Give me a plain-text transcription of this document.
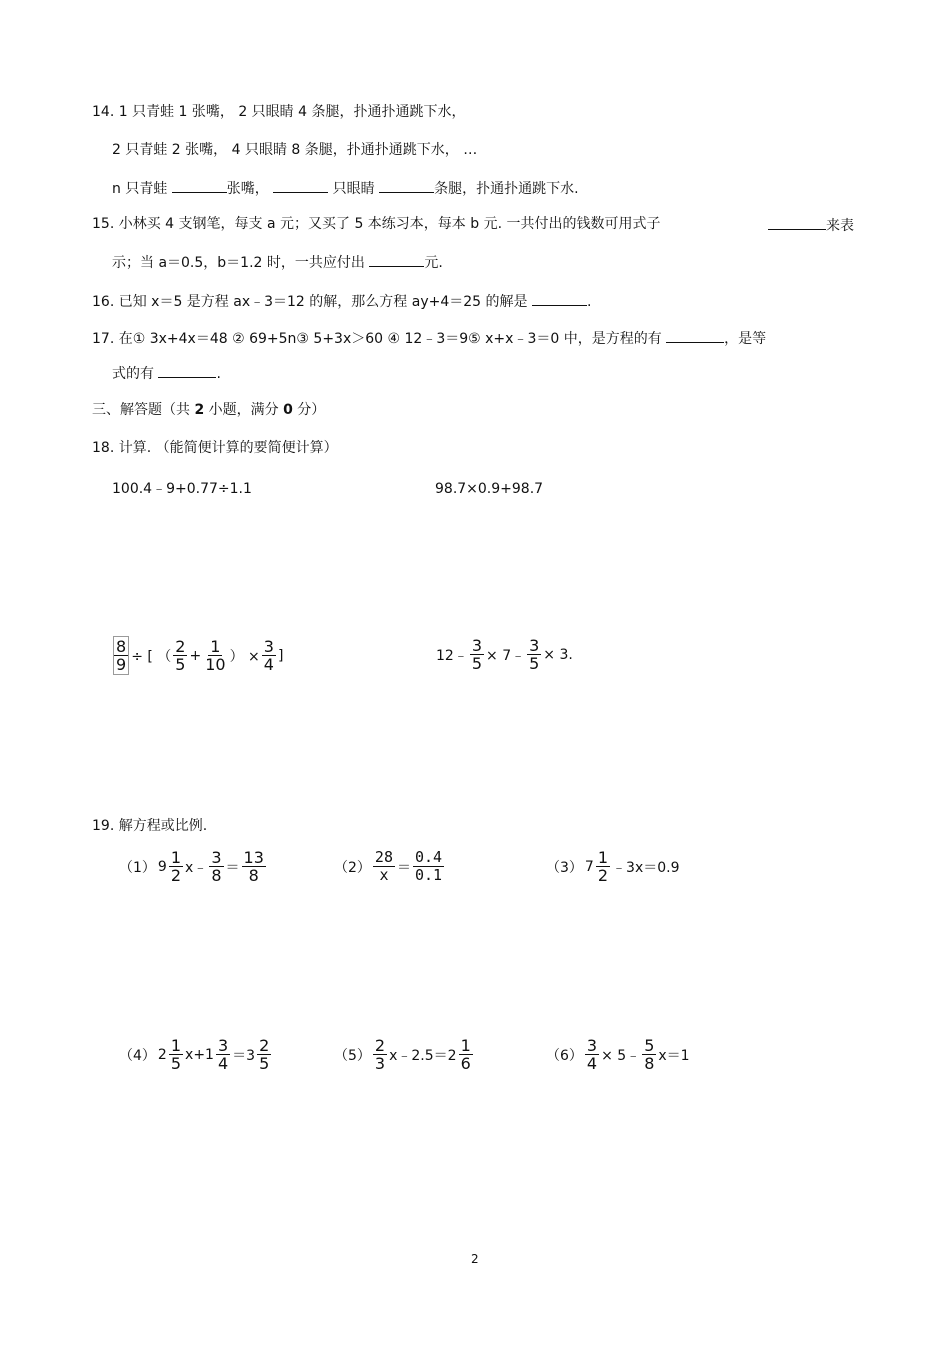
14. 1 只青蛙 1 张嘴， 2 只眼睛 4 条腿，扑通扑通跳下水，
2 只青蛙 2 张嘴， 4 只眼睛 8 条腿，扑通扑通跳下水， …
n 只青蛙	张嘴，	只眼睛	条腿，扑通扑通跳下水.
15. 小林买 4 支钢笔，每支 a 元；又买了 5 本练习本，每本 b 元. 一共付出的钱数可用式子	来表
示；当 a＝0.5，b＝1.2 时，一共应付出	元.
16. 已知 x＝5 是方程 ax﹣3＝12 的解，那么方程 ay+4＝25 的解是	.
17. 在① 3x+4x＝48 ② 69+5n③ 5+3x＞60 ④ 12﹣3＝9⑤ x+x﹣3＝0 中，是方程的有	，是等
式的有	.
三、解答题（共 2 小题，满分 0 分）
18. 计算. （能简便计算的要简便计算）
100.4﹣9+0.77÷1.1	98.7×0.9+98.7
$\frac{8}{9}$ ÷ [ （ $\frac{2}{5} + \frac{1}{10}$ ） × $\frac{3}{4}$ ]	12﹣ $\frac{3}{5}$ × 7﹣ $\frac{3}{5} \times 3$.
19. 解方程或比例.
（1） $9 \frac{1}{2}$ x﹣ $\frac{3}{8} = \frac{13}{8}$	$(2) \frac{28}{x} = \frac{0.4}{0.1}$	（3） $7 \frac{1}{2}$ ﹣3x＝0.9
（4） $2 \frac{1}{5} x+1 \frac{3}{4} =3 \frac{2}{5}$	$(5) \frac{2}{3}$ x﹣2.5＝2 $\frac{1}{6}$	$(6) \frac{3}{4}$ × 5﹣ $\frac{5}{8} x=1$
2
